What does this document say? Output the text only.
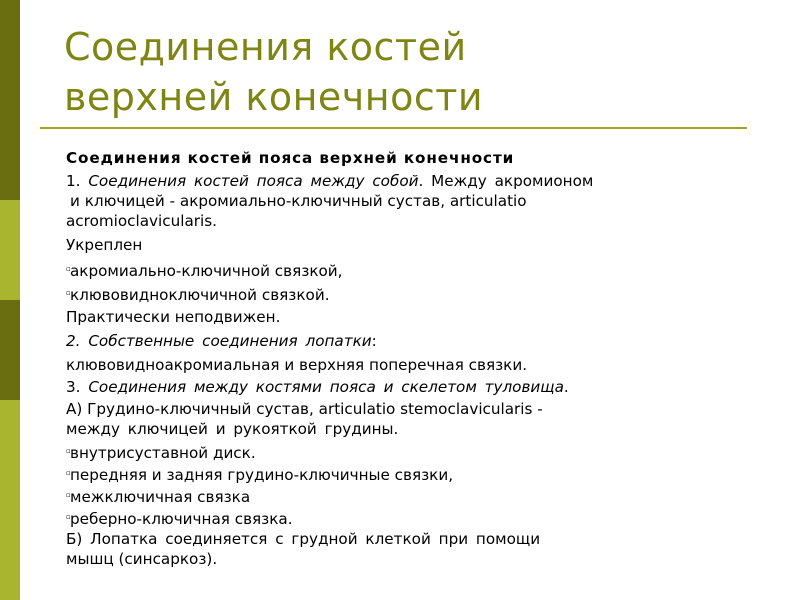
Соединения костей
верхней конечности
Соединения костей пояса верхней конечности
1. Соединения костей пояса между собой. Между акромионом
и ключицей - акромиально-ключичный сустав, articulatio
acromioclavicularis.
Укреплен
▫акромиально-ключичной связкой,
▫клювовидноключичной связкой.
Практически неподвижен.
2. Собственные соединения лопатки:
клювовидноакромиальная и верхняя поперечная связки.
3. Соединения между костями пояса и скелетом туловища.
А) Грудино-ключичный сустав, articulatio stemoclavicularis -
между ключицей и рукояткой грудины.
▫внутрисуставной диск.
▫передняя и задняя грудино-ключичные связки,
▫межключичная связка
▫реберно-ключичная связка.
Б) Лопатка соединяется с грудной клеткой при помощи
мышц (синсаркоз).
